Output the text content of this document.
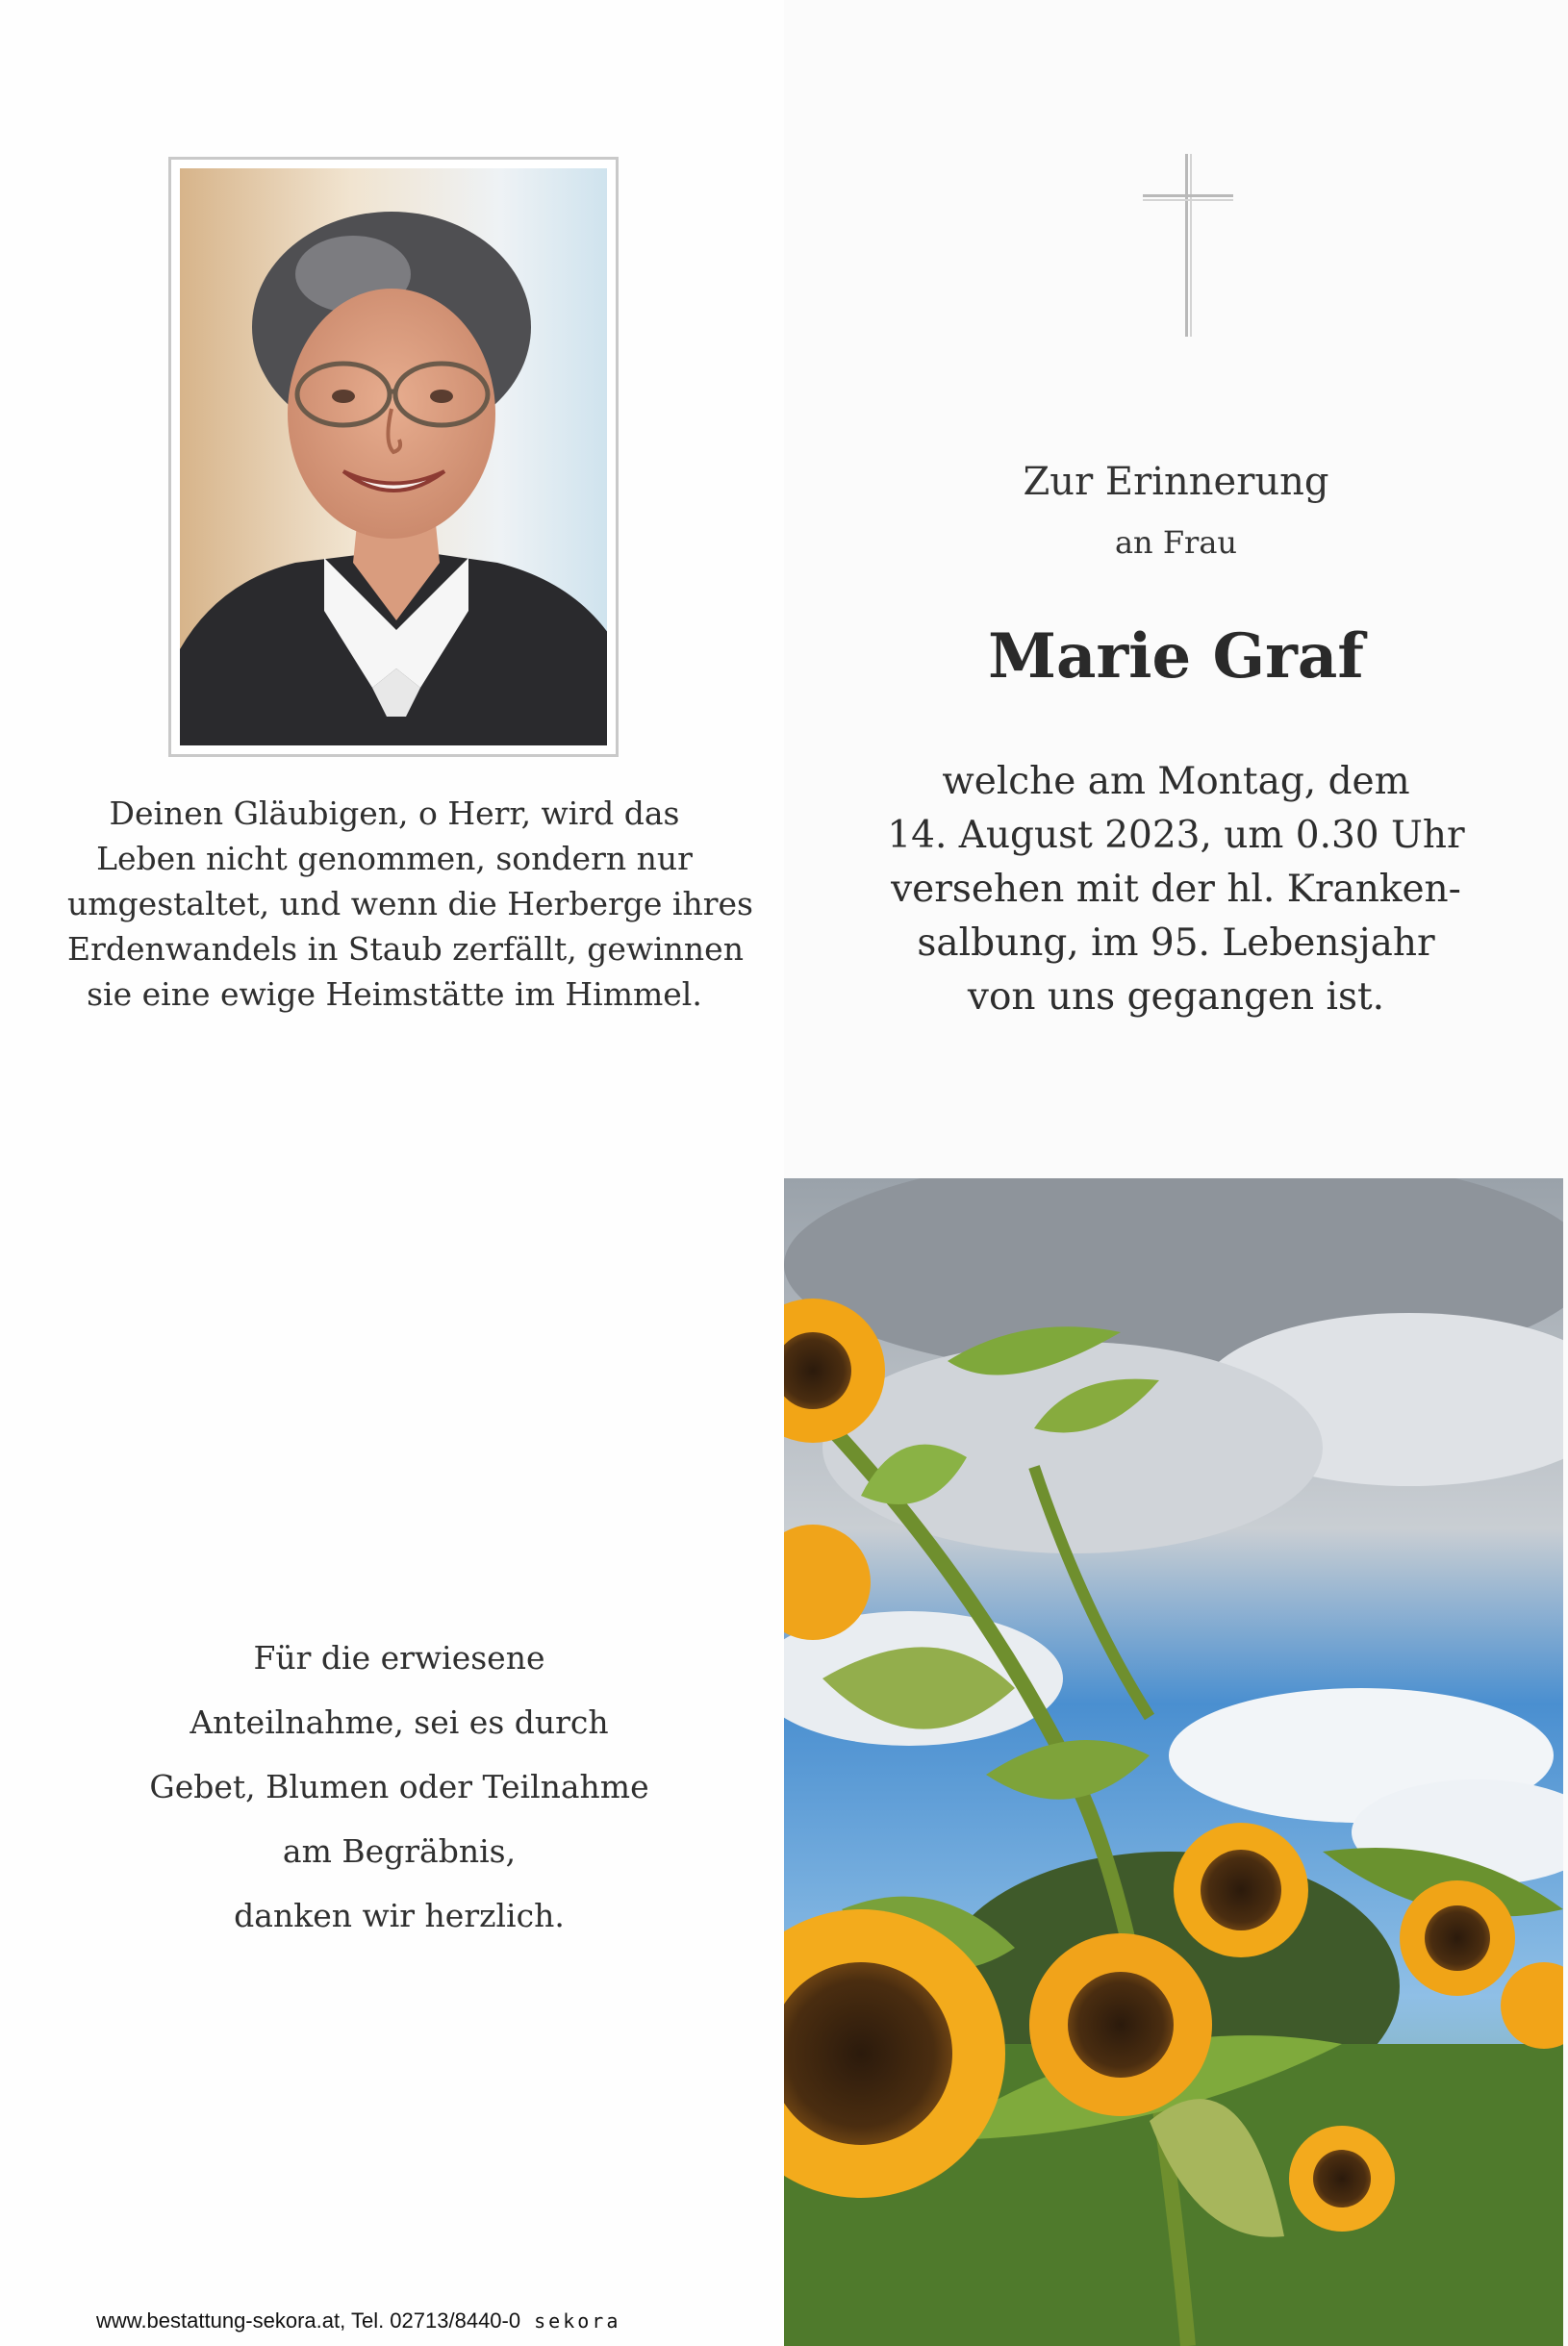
Deinen Gläubigen, o Herr, wird das
Leben nicht genommen, sondern nur
umgestaltet, und wenn die Herberge ihres
Erdenwandels in Staub zerfällt, gewinnen
sie eine ewige Heimstätte im Himmel.
Für die erwiesene
Anteilnahme, sei es durch
Gebet, Blumen oder Teilnahme
am Begräbnis,
danken wir herzlich.
www.bestattung-sekora.at, Tel. 02713/8440-0 sekora
Zur Erinnerung
an Frau
Marie Graf
welche am Montag, dem
14. August 2023, um 0.30 Uhr
versehen mit der hl. Kranken-
salbung, im 95. Lebensjahr
von uns gegangen ist.
